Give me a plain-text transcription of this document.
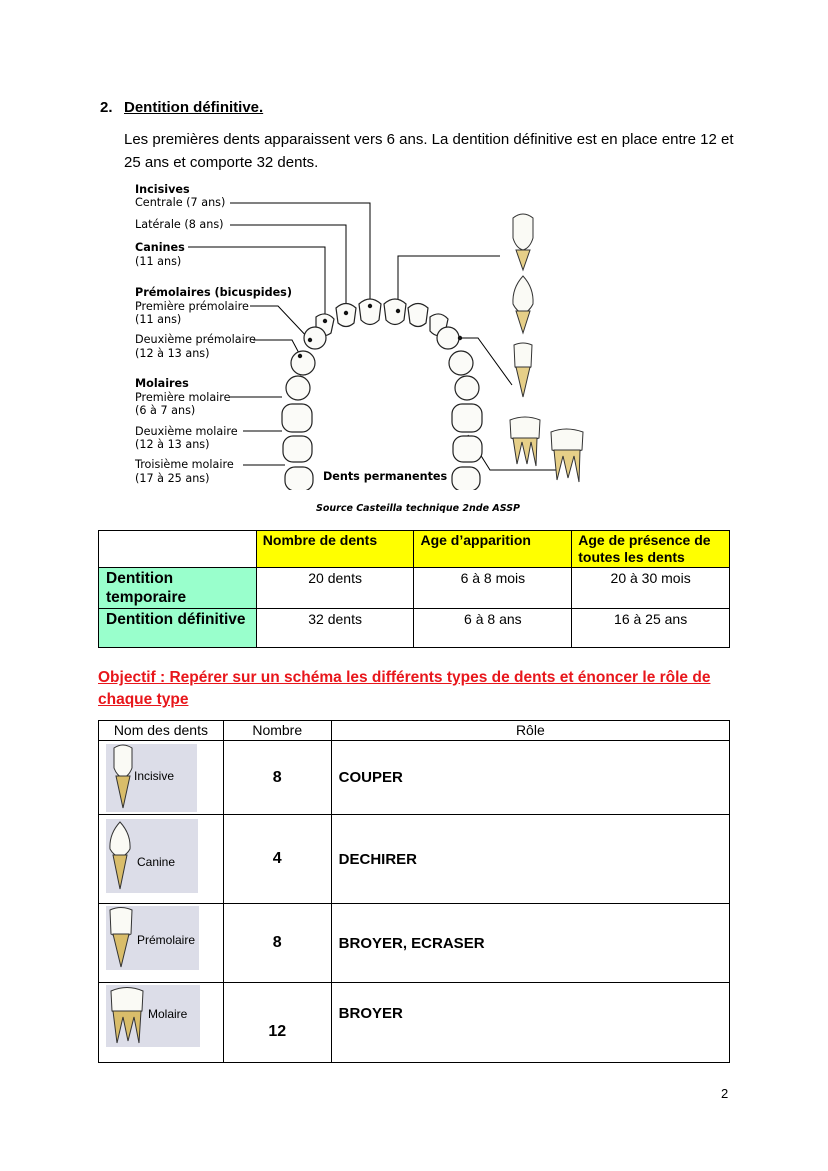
2. Dentition définitive.
Les premières dents apparaissent vers 6 ans. La dentition définitive est en place entre 12 et 25 ans et comporte 32 dents.
Incisives
Centrale (7 ans)
Latérale (8 ans)
Canines
(11 ans)
Prémolaires (bicuspides)
Première prémolaire
(11 ans)
Deuxième prémolaire
(12 à 13 ans)
Molaires
Première molaire
(6 à 7 ans)
Deuxième molaire
(12 à 13 ans)
Troisième molaire
(17 à 25 ans)	Dents permanentes
Source Casteilla technique 2nde ASSP
	Nombre de dents	Age d’apparition	Age de présence de toutes les dents
Dentition temporaire	20 dents	6 à 8 mois	20 à 30 mois
Dentition définitive	32 dents	6 à 8 ans	16 à 25 ans
Objectif : Repérer sur un schéma les différents types de dents et énoncer le rôle de chaque type
Nom des dents	Nombre	Rôle

Incisive	8	COUPER

Canine	4	DECHIRER

Prémolaire	8	BROYER, ECRASER

Molaire	12	BROYER
2
